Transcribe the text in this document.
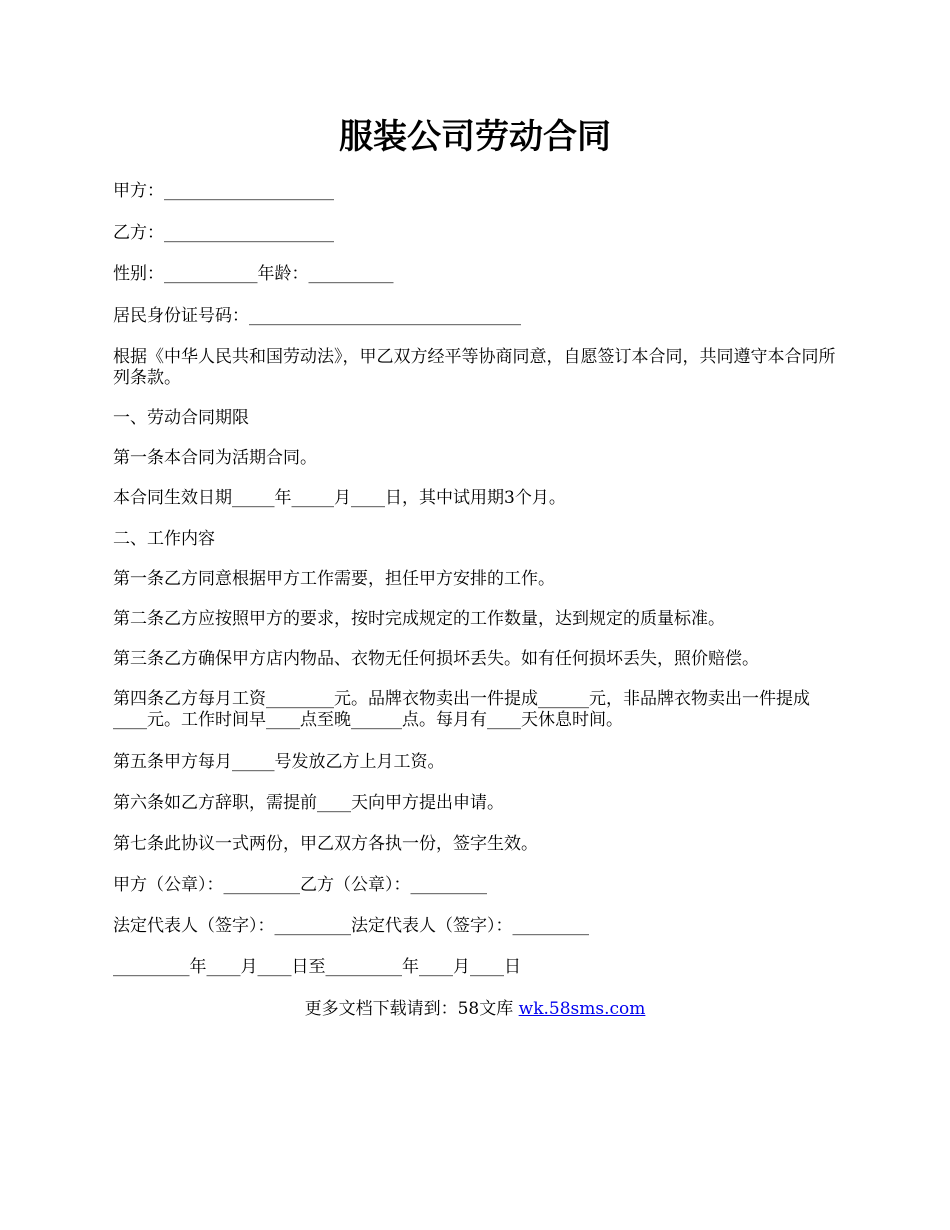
服装公司劳动合同
甲方：____________________
乙方：____________________
性别：___________年龄：__________
居民身份证号码：________________________________
根据《中华人民共和国劳动法》，甲乙双方经平等协商同意，自愿签订本合同，共同遵守本合同所列条款。
一、劳动合同期限
第一条本合同为活期合同。
本合同生效日期_____年_____月____日，其中试用期3个月。
二、工作内容
第一条乙方同意根据甲方工作需要，担任甲方安排的工作。
第二条乙方应按照甲方的要求，按时完成规定的工作数量，达到规定的质量标准。
第三条乙方确保甲方店内物品、衣物无任何损坏丢失。如有任何损坏丢失，照价赔偿。
第四条乙方每月工资________元。品牌衣物卖出一件提成______元，非品牌衣物卖出一件提成____元。工作时间早____点至晚______点。每月有____天休息时间。
第五条甲方每月_____号发放乙方上月工资。
第六条如乙方辞职，需提前____天向甲方提出申请。
第七条此协议一式两份，甲乙双方各执一份，签字生效。
甲方（公章）：_________乙方（公章）：_________
法定代表人（签字）：_________法定代表人（签字）：_________
_________年____月____日至_________年____月____日
更多文档下载请到：58文库 wk.58sms.com
